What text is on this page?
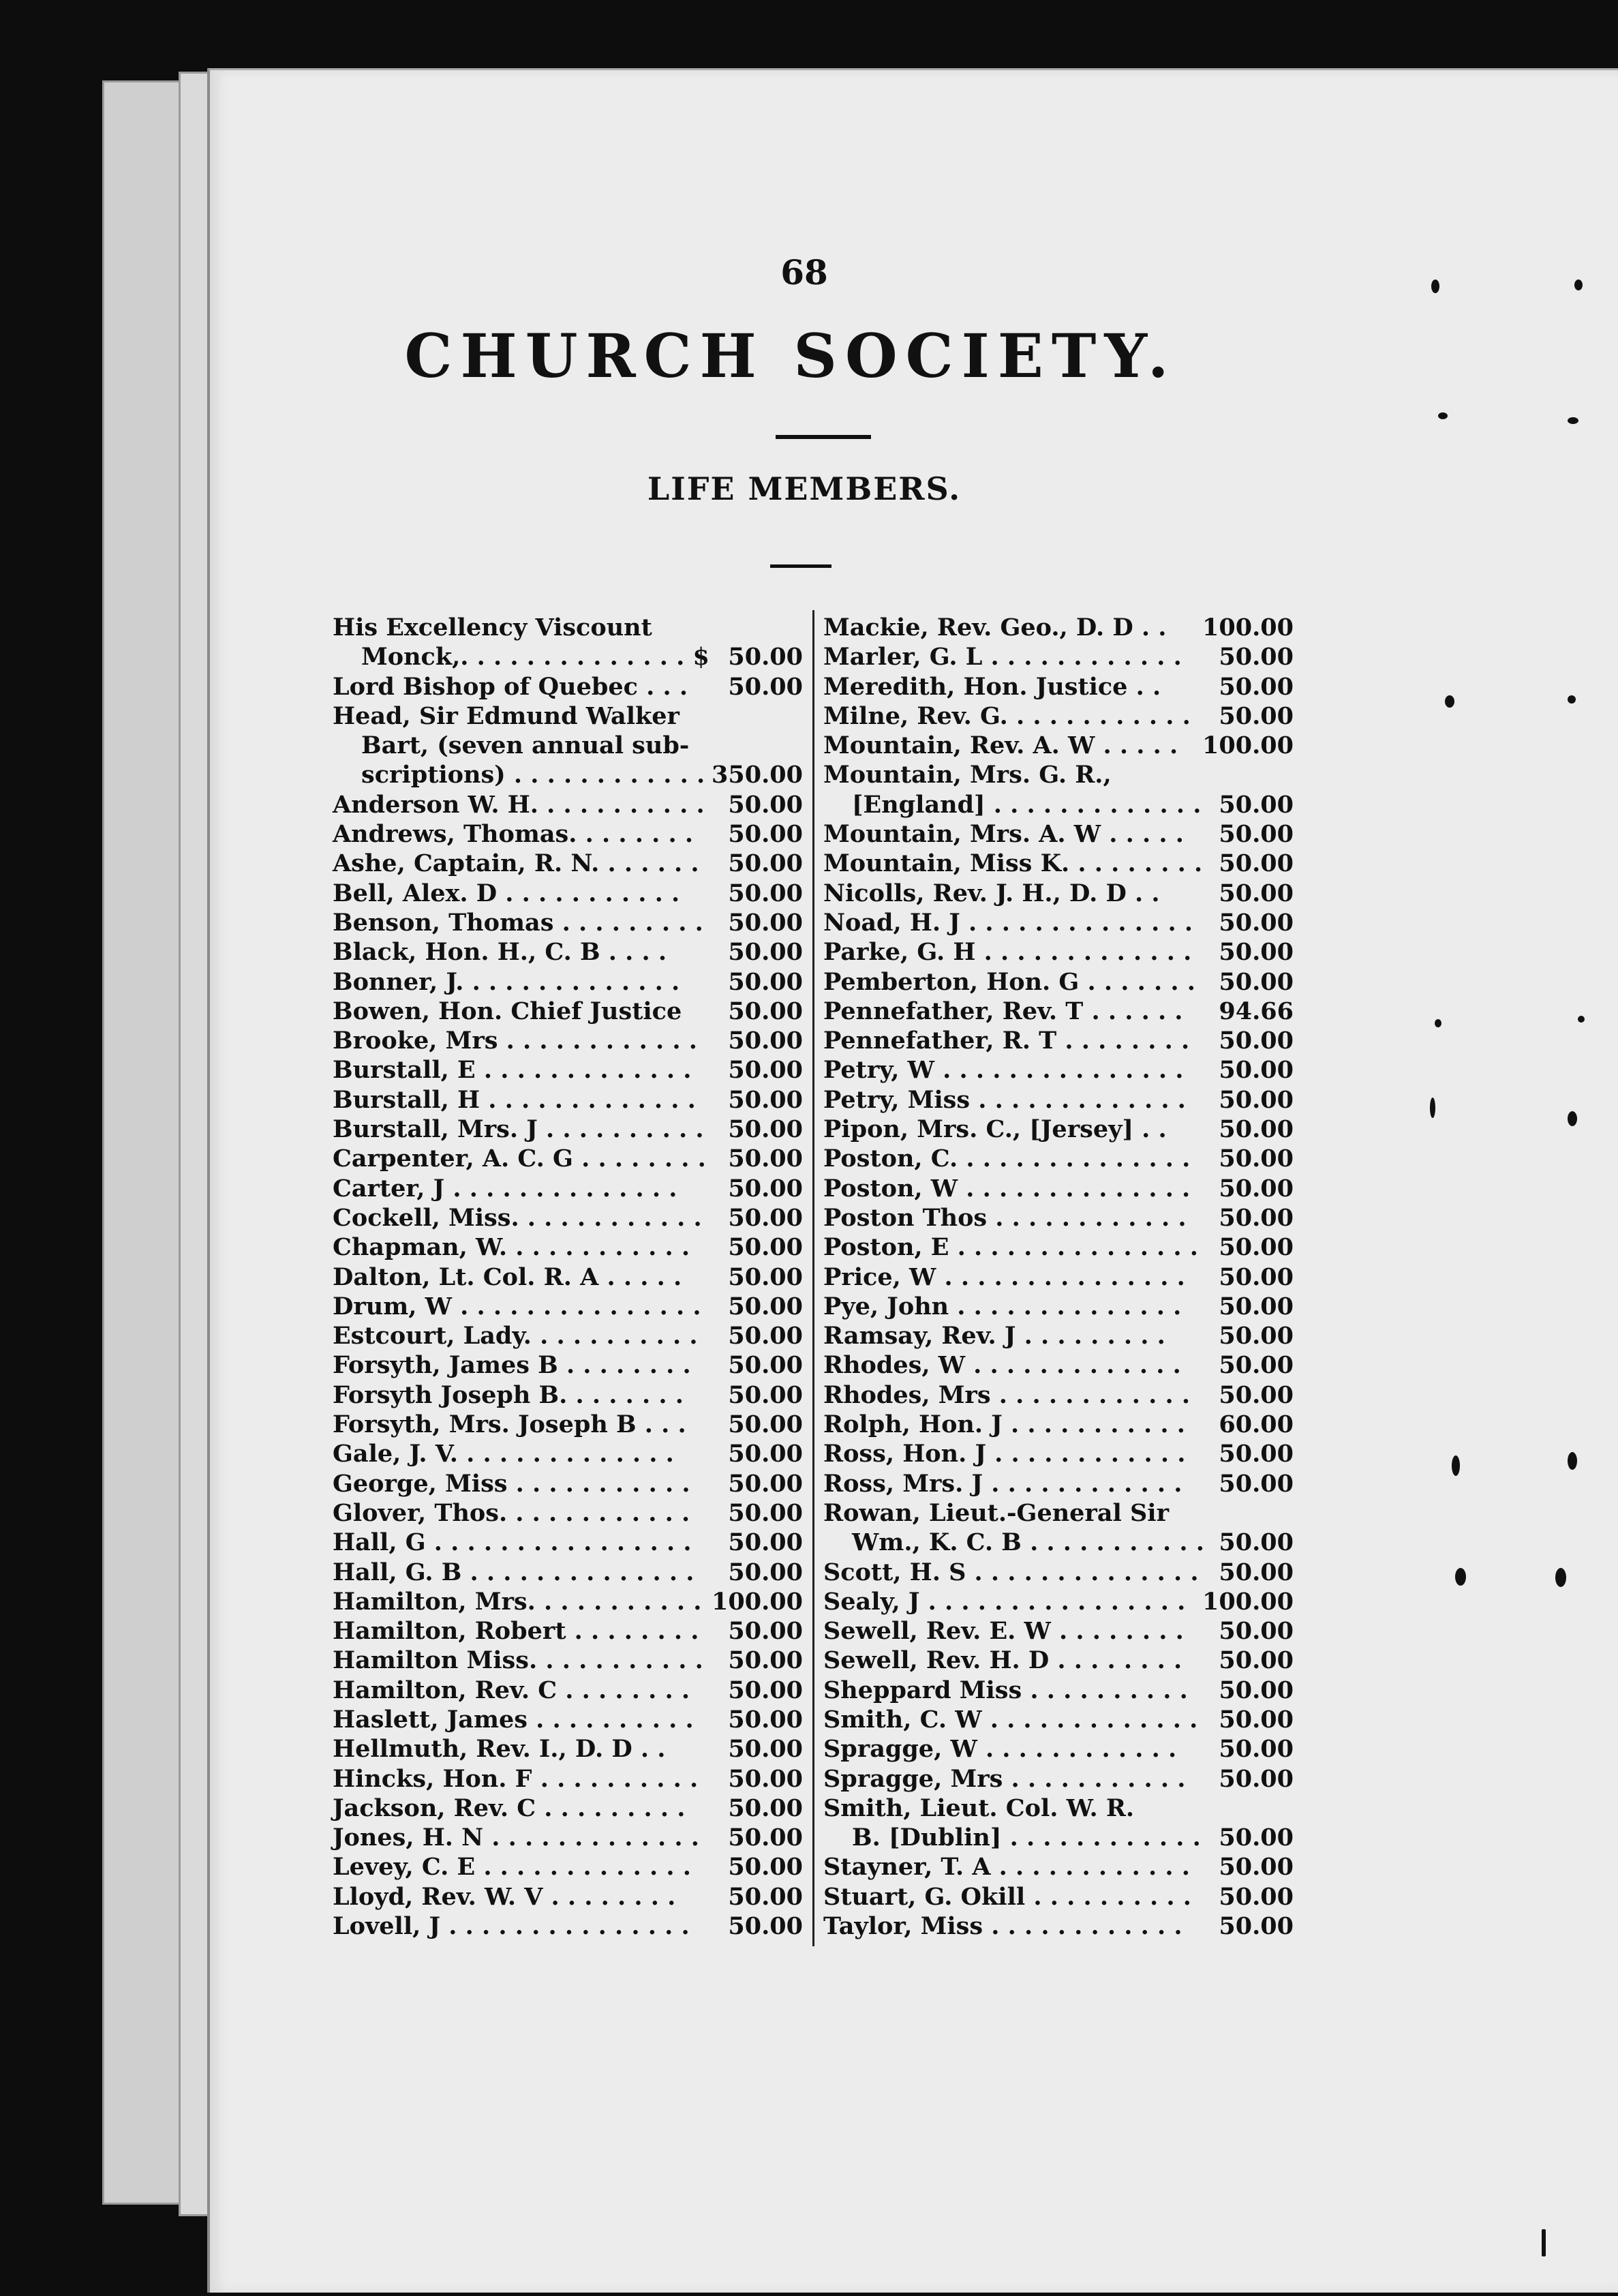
68
CHURCH SOCIETY.
LIFE MEMBERS.
His Excellency Viscount
Monck,. . . . . . . . . . . . . . $ 50.00
Lord Bishop of Quebec . . . 50.00
Head, Sir Edmund Walker
Bart, (seven annual sub-
scriptions) . . . . . . . . . . . . 350.00
Anderson W. H. . . . . . . . . . . 50.00
Andrews, Thomas. . . . . . . . 50.00
Ashe, Captain, R. N. . . . . . . 50.00
Bell, Alex. D . . . . . . . . . . . 50.00
Benson, Thomas . . . . . . . . . 50.00
Black, Hon. H., C. B . . . .	50.00
Bonner, J. . . . . . . . . . . . . . 50.00
Bowen, Hon. Chief Justice 50.00
Brooke, Mrs . . . . . . . . . . . . 50.00
Burstall, E . . . . . . . . . . . . . 50.00
Burstall, H . . . . . . . . . . . . . 50.00
Burstall, Mrs. J . . . . . . . . . . 50.00
Carpenter, A. C. G . . . . . . . . 50.00
Carter, J . . . . . . . . . . . . . . 50.00
Cockell, Miss. . . . . . . . . . . . 50.00
Chapman, W. . . . . . . . . . . . 50.00
Dalton, Lt. Col. R. A . . . . . 50.00
Drum, W . . . . . . . . . . . . . . . 50.00
Estcourt, Lady. . . . . . . . . . . 50.00
Forsyth, James B . . . . . . . . 50.00
Forsyth Joseph B. . . . . . . . 50.00
Forsyth, Mrs. Joseph B . . . 50.00
Gale, J. V. . . . . . . . . . . . . . 50.00
George, Miss . . . . . . . . . . . 50.00
Glover, Thos. . . . . . . . . . . . 50.00
Hall, G . . . . . . . . . . . . . . . . 50.00
Hall, G. B . . . . . . . . . . . . . . 50.00
Hamilton, Mrs. . . . . . . . . . . 100.00
Hamilton, Robert . . . . . . . . 50.00
Hamilton Miss. . . . . . . . . . . 50.00
Hamilton, Rev. C . . . . . . . . 50.00
Haslett, James . . . . . . . . . . 50.00
Hellmuth, Rev. I., D. D . .	50.00
Hincks, Hon. F . . . . . . . . . . 50.00
Jackson, Rev. C . . . . . . . . . 50.00
Jones, H. N . . . . . . . . . . . . . 50.00
Levey, C. E . . . . . . . . . . . . . 50.00
Lloyd, Rev. W. V . . . . . . . . 50.00
Lovell, J . . . . . . . . . . . . . . . 50.00
Mackie, Rev. Geo., D. D . . 100.00
Marler, G. L . . . . . . . . . . . . 50.00
Meredith, Hon. Justice . . 50.00
Milne, Rev. G. . . . . . . . . . . . 50.00
Mountain, Rev. A. W . . . . . 100.00
Mountain, Mrs. G. R.,
[England] . . . . . . . . . . . . . 50.00
Mountain, Mrs. A. W . . . . . 50.00
Mountain, Miss K. . . . . . . . . 50.00
Nicolls, Rev. J. H., D. D . . 50.00
Noad, H. J . . . . . . . . . . . . . . 50.00
Parke, G. H . . . . . . . . . . . . . 50.00
Pemberton, Hon. G . . . . . . . 50.00
Pennefather, Rev. T . . . . . . 94.66
Pennefather, R. T . . . . . . . . 50.00
Petry, W . . . . . . . . . . . . . . . 50.00
Petry, Miss . . . . . . . . . . . . . 50.00
Pipon, Mrs. C., [Jersey] . . 50.00
Poston, C. . . . . . . . . . . . . . . 50.00
Poston, W . . . . . . . . . . . . . . 50.00
Poston Thos . . . . . . . . . . . . 50.00
Poston, E . . . . . . . . . . . . . . . 50.00
Price, W . . . . . . . . . . . . . . . 50.00
Pye, John . . . . . . . . . . . . . . 50.00
Ramsay, Rev. J . . . . . . . . . 50.00
Rhodes, W . . . . . . . . . . . . . 50.00
Rhodes, Mrs . . . . . . . . . . . . 50.00
Rolph, Hon. J . . . . . . . . . . . 60.00
Ross, Hon. J . . . . . . . . . . . . 50.00
Ross, Mrs. J . . . . . . . . . . . . 50.00
Rowan, Lieut.-General Sir
Wm., K. C. B . . . . . . . . . . . 50.00
Scott, H. S . . . . . . . . . . . . . . 50.00
Sealy, J . . . . . . . . . . . . . . . . 100.00
Sewell, Rev. E. W . . . . . . . . 50.00
Sewell, Rev. H. D . . . . . . . . 50.00
Sheppard Miss . . . . . . . . . . 50.00
Smith, C. W . . . . . . . . . . . . . 50.00
Spragge, W . . . . . . . . . . . . 50.00
Spragge, Mrs . . . . . . . . . . . 50.00
Smith, Lieut. Col. W. R.
B. [Dublin] . . . . . . . . . . . . 50.00
Stayner, T. A . . . . . . . . . . . . 50.00
Stuart, G. Okill . . . . . . . . . . 50.00
Taylor, Miss . . . . . . . . . . . . 50.00
